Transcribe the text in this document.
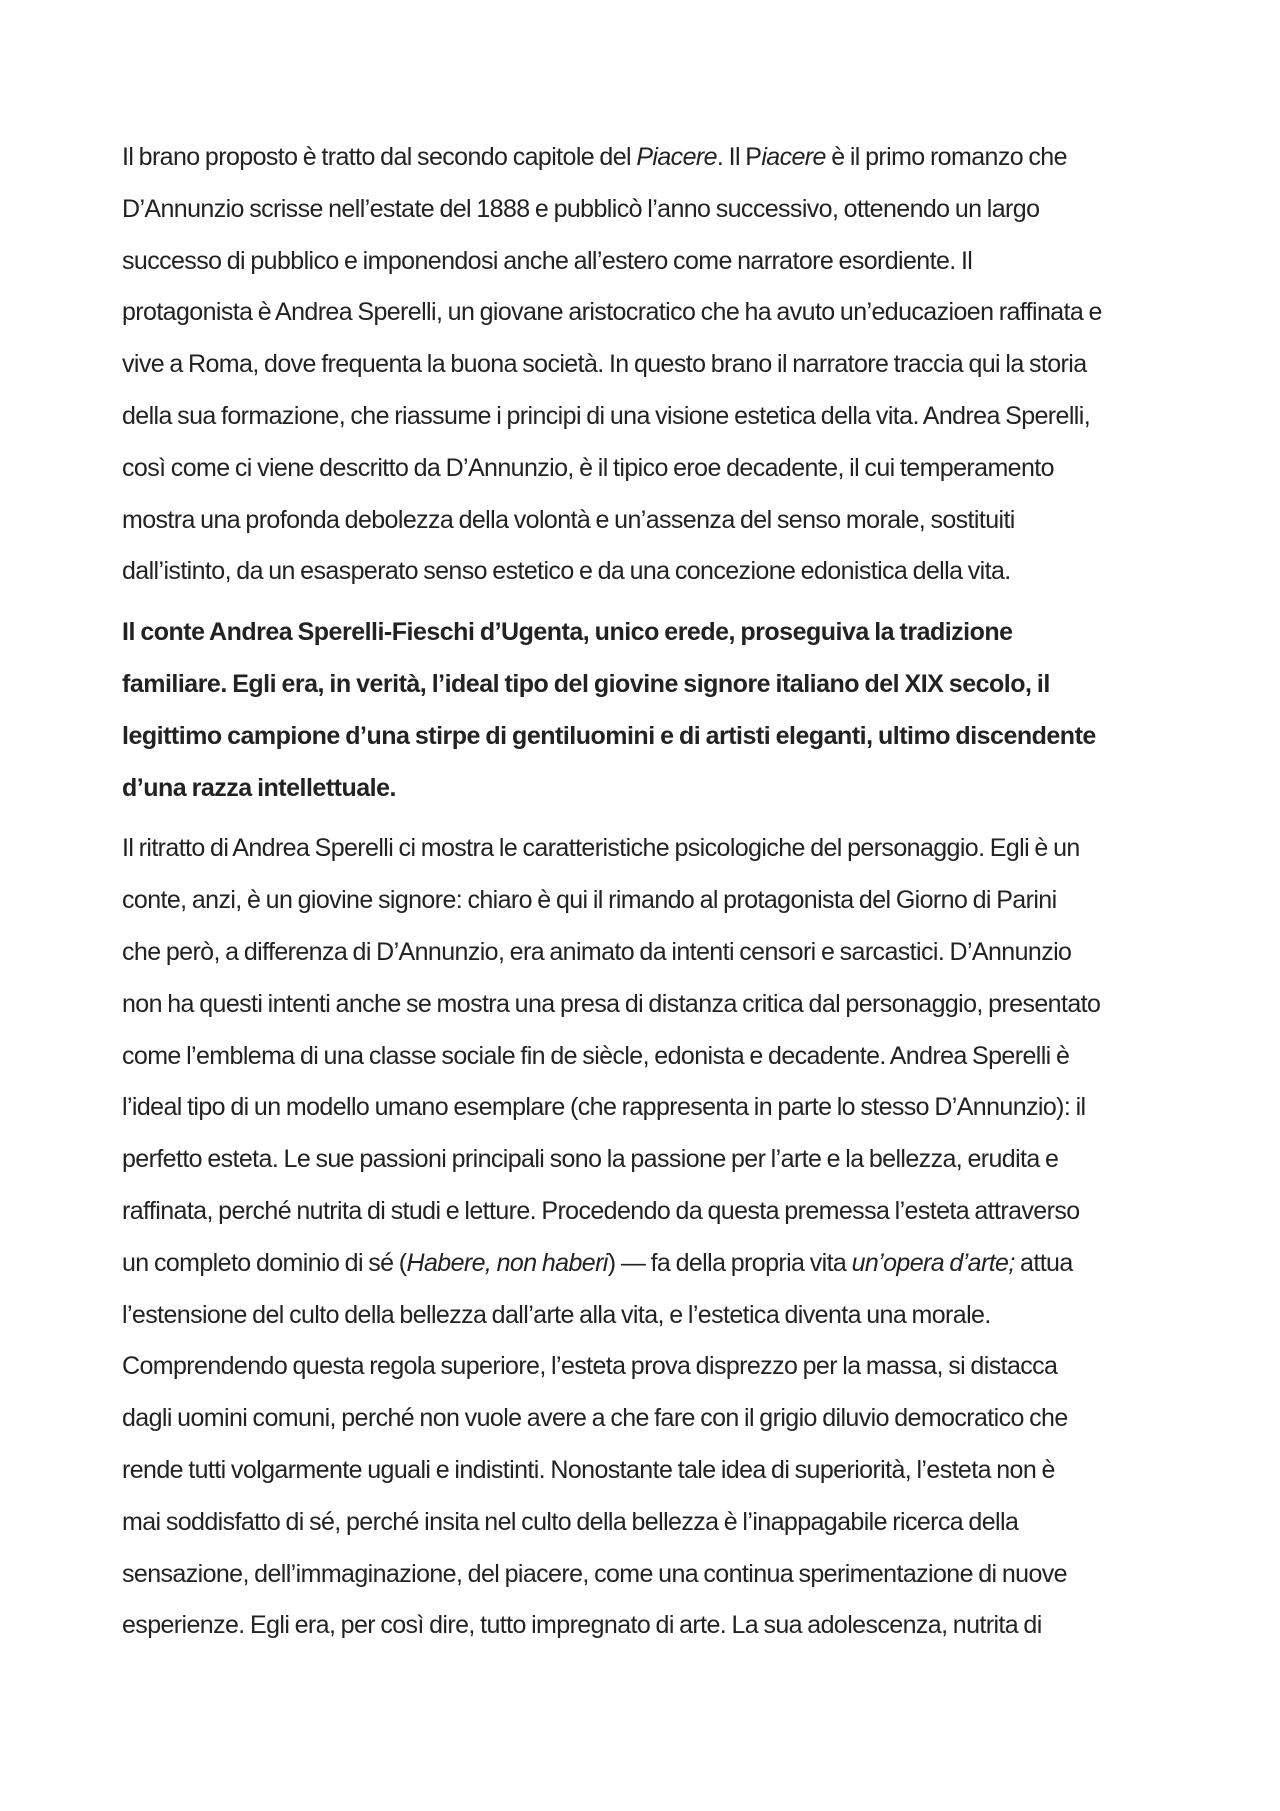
Il brano proposto è tratto dal secondo capitole del Piacere. Il Piacere è il primo romanzo che
D’Annunzio scrisse nell’estate del 1888 e pubblicò l’anno successivo, ottenendo un largo
successo di pubblico e imponendosi anche all’estero come narratore esordiente. Il
protagonista è Andrea Sperelli, un giovane aristocratico che ha avuto un’educazioen raffinata e
vive a Roma, dove frequenta la buona società. In questo brano il narratore traccia qui la storia
della sua formazione, che riassume i principi di una visione estetica della vita. Andrea Sperelli,
così come ci viene descritto da D’Annunzio, è il tipico eroe decadente, il cui temperamento
mostra una profonda debolezza della volontà e un’assenza del senso morale, sostituiti
dall’istinto, da un esasperato senso estetico e da una concezione edonistica della vita.

Il conte Andrea Sperelli-Fieschi d’Ugenta, unico erede, proseguiva la tradizione
familiare. Egli era, in verità, l’ideal tipo del giovine signore italiano del XIX secolo, il
legittimo campione d’una stirpe di gentiluomini e di artisti eleganti, ultimo discendente
d’una razza intellettuale.

Il ritratto di Andrea Sperelli ci mostra le caratteristiche psicologiche del personaggio. Egli è un
conte, anzi, è un giovine signore: chiaro è qui il rimando al protagonista del Giorno di Parini
che però, a differenza di D’Annunzio, era animato da intenti censori e sarcastici. D’Annunzio
non ha questi intenti anche se mostra una presa di distanza critica dal personaggio, presentato
come l’emblema di una classe sociale fin de siècle, edonista e decadente. Andrea Sperelli è
l’ideal tipo di un modello umano esemplare (che rappresenta in parte lo stesso D’Annunzio): il
perfetto esteta. Le sue passioni principali sono la passione per l’arte e la bellezza, erudita e
raffinata, perché nutrita di studi e letture. Procedendo da questa premessa l’esteta attraverso
un completo dominio di sé (Habere, non haberi) — fa della propria vita un’opera d’arte; attua
l’estensione del culto della bellezza dall’arte alla vita, e l’estetica diventa una morale.
Comprendendo questa regola superiore, l’esteta prova disprezzo per la massa, si distacca
dagli uomini comuni, perché non vuole avere a che fare con il grigio diluvio democratico che
rende tutti volgarmente uguali e indistinti. Nonostante tale idea di superiorità, l’esteta non è
mai soddisfatto di sé, perché insita nel culto della bellezza è l’inappagabile ricerca della
sensazione, dell’immaginazione, del piacere, come una continua sperimentazione di nuove
esperienze. Egli era, per così dire, tutto impregnato di arte. La sua adolescenza, nutrita di
